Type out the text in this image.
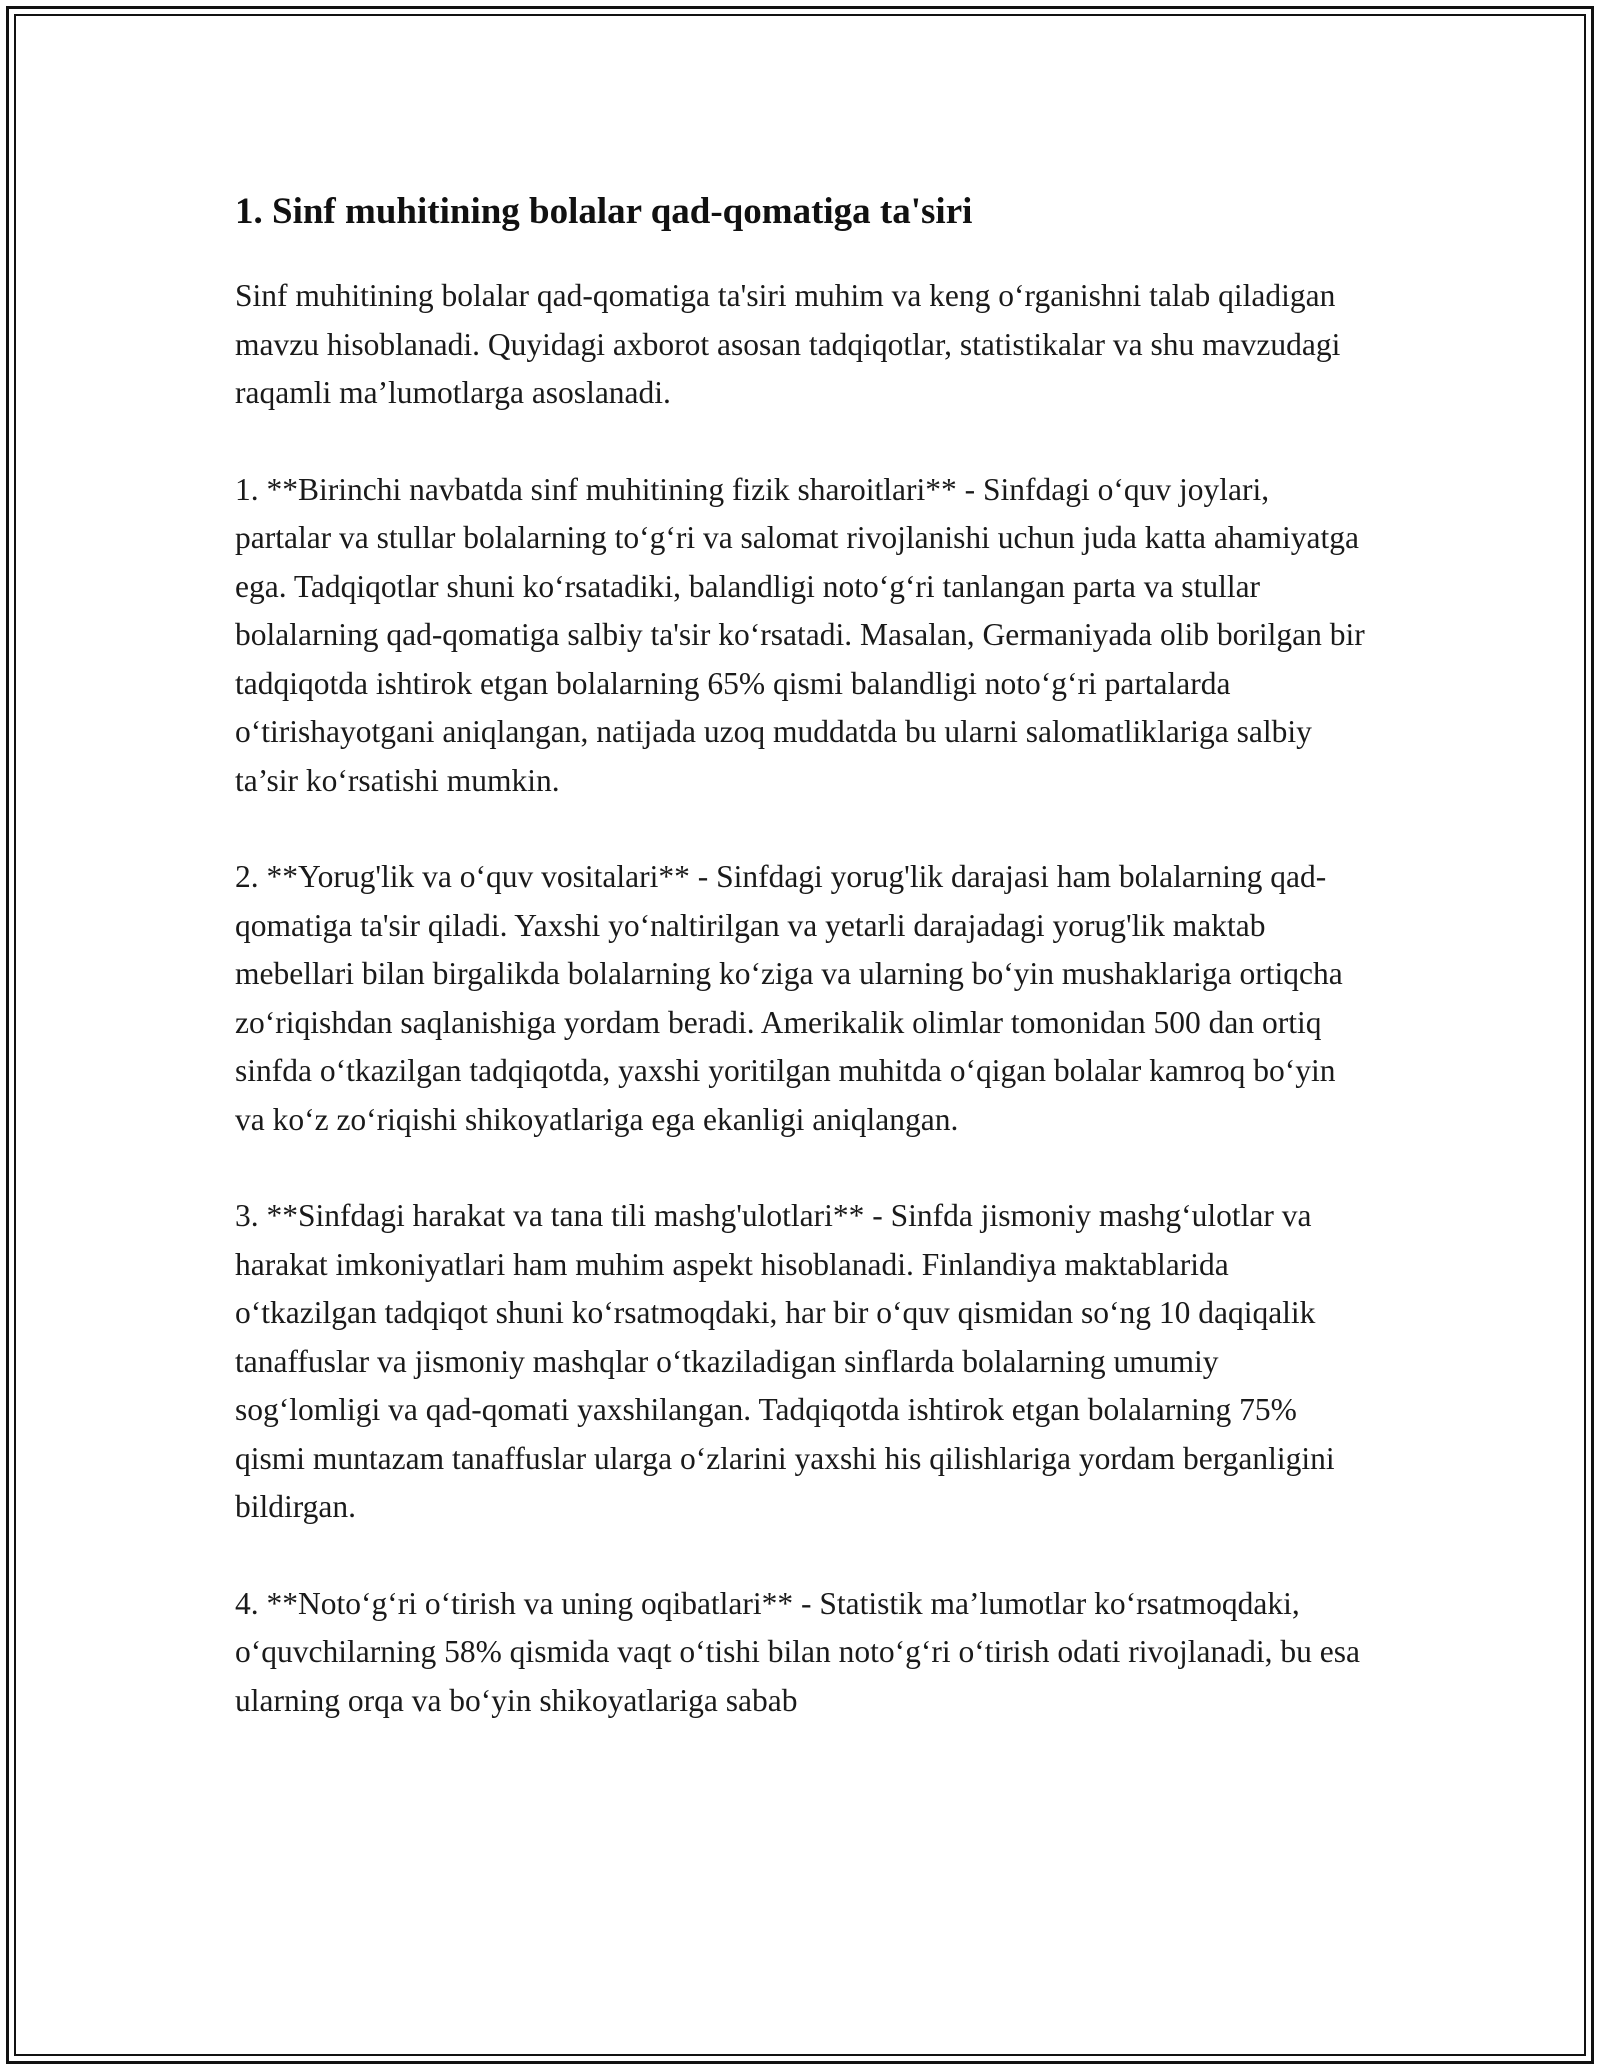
1. Sinf muhitining bolalar qad-qomatiga ta'siri

Sinf muhitining bolalar qad-qomatiga ta'siri muhim va keng o‘rganishni talab qiladigan mavzu hisoblanadi. Quyidagi axborot asosan tadqiqotlar, statistikalar va shu mavzudagi raqamli ma’lumotlarga asoslanadi.

1. **Birinchi navbatda sinf muhitining fizik sharoitlari** - Sinfdagi o‘quv joylari, partalar va stullar bolalarning to‘g‘ri va salomat rivojlanishi uchun juda katta ahamiyatga ega. Tadqiqotlar shuni ko‘rsatadiki, balandligi noto‘g‘ri tanlangan parta va stullar bolalarning qad-qomatiga salbiy ta'sir ko‘rsatadi. Masalan, Germaniyada olib borilgan bir tadqiqotda ishtirok etgan bolalarning 65% qismi balandligi noto‘g‘ri partalarda o‘tirishayotgani aniqlangan, natijada uzoq muddatda bu ularni salomatliklariga salbiy ta’sir ko‘rsatishi mumkin.

2. **Yorug'lik va o‘quv vositalari** - Sinfdagi yorug'lik darajasi ham bolalarning qad-qomatiga ta'sir qiladi. Yaxshi yo‘naltirilgan va yetarli darajadagi yorug'lik maktab mebellari bilan birgalikda bolalarning ko‘ziga va ularning bo‘yin mushaklariga ortiqcha zo‘riqishdan saqlanishiga yordam beradi. Amerikalik olimlar tomonidan 500 dan ortiq sinfda o‘tkazilgan tadqiqotda, yaxshi yoritilgan muhitda o‘qigan bolalar kamroq bo‘yin va ko‘z zo‘riqishi shikoyatlariga ega ekanligi aniqlangan.

3. **Sinfdagi harakat va tana tili mashg'ulotlari** - Sinfda jismoniy mashg‘ulotlar va harakat imkoniyatlari ham muhim aspekt hisoblanadi. Finlandiya maktablarida o‘tkazilgan tadqiqot shuni ko‘rsatmoqdaki, har bir o‘quv qismidan so‘ng 10 daqiqalik tanaffuslar va jismoniy mashqlar o‘tkaziladigan sinflarda bolalarning umumiy sog‘lomligi va qad-qomati yaxshilangan. Tadqiqotda ishtirok etgan bolalarning 75% qismi muntazam tanaffuslar ularga o‘zlarini yaxshi his qilishlariga yordam berganligini bildirgan.

4. **Noto‘g‘ri o‘tirish va uning oqibatlari** - Statistik ma’lumotlar ko‘rsatmoqdaki, o‘quvchilarning 58% qismida vaqt o‘tishi bilan noto‘g‘ri o‘tirish odati rivojlanadi, bu esa ularning orqa va bo‘yin shikoyatlariga sabab
